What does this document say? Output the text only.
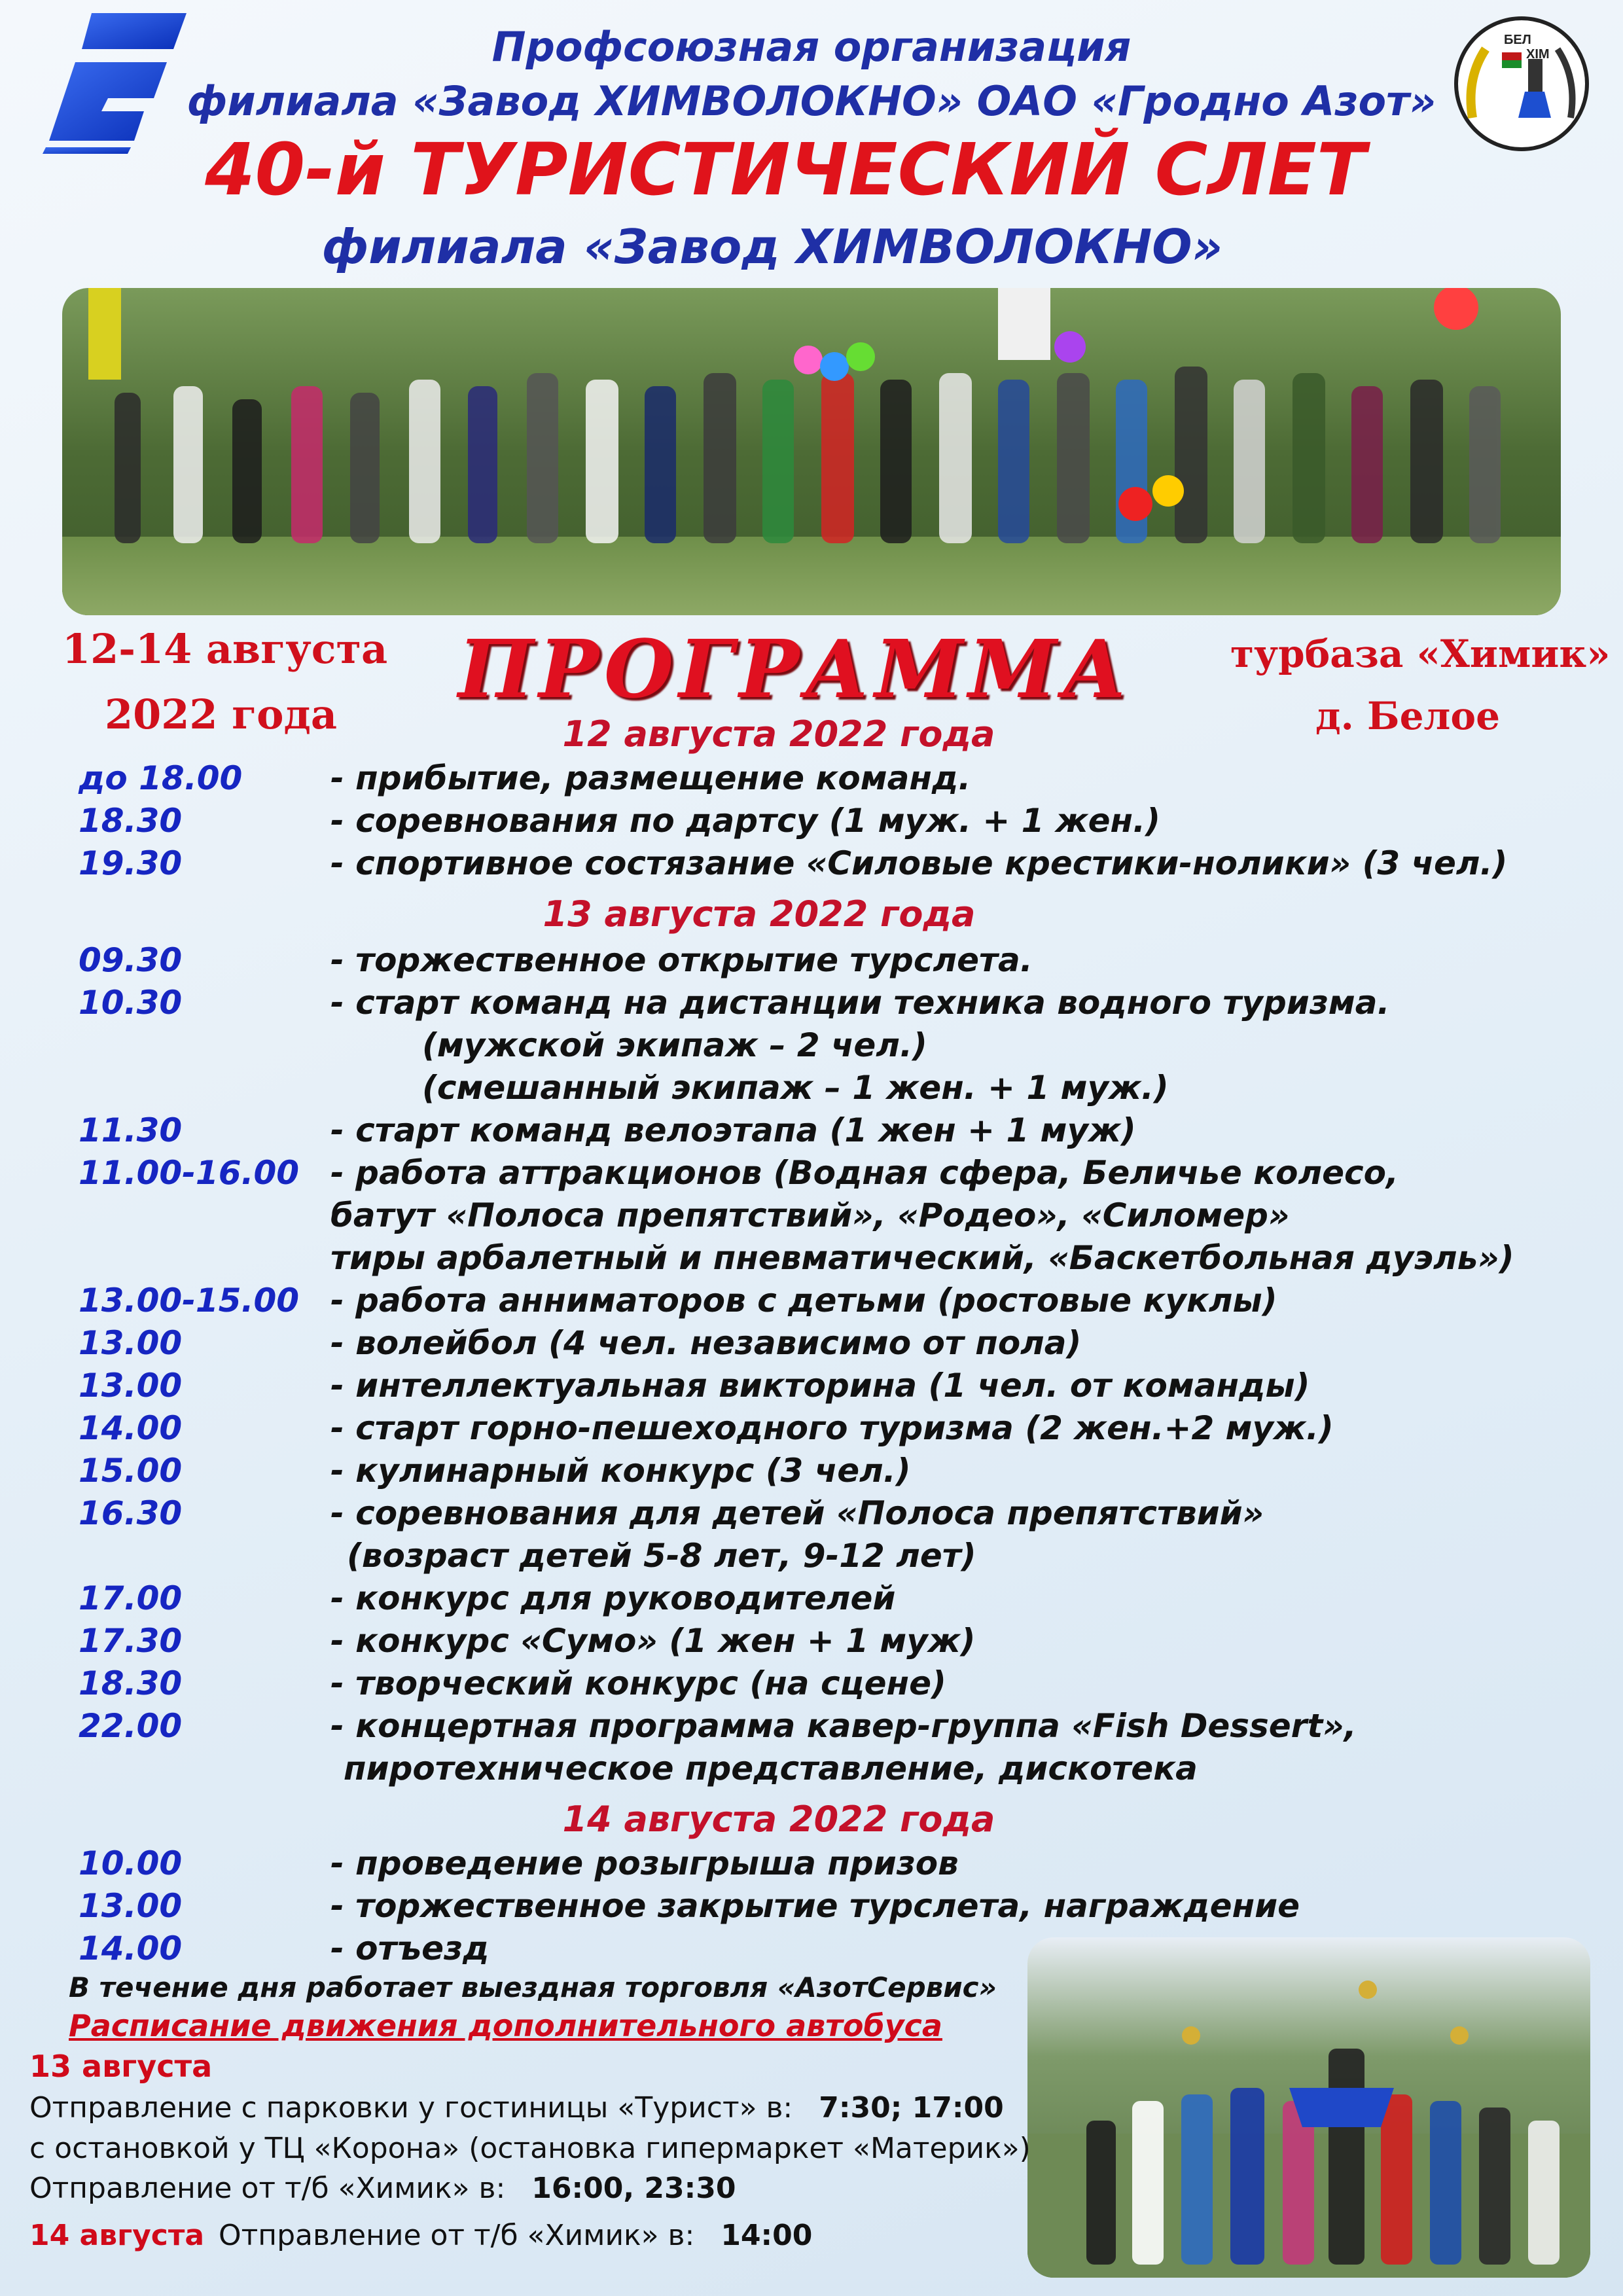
БЕЛ
ХІМ
Профсоюзная организация
филиала «Завод ХИМВОЛОКНО» ОАО «Гродно Азот»
40-й ТУРИСТИЧЕСКИЙ СЛЕТ
филиала «Завод ХИМВОЛОКНО»
12-14 августа
2022 года ПРОГРАММА	турбаза «Химик»
д. Белое
12 августа 2022 года
до 18.00	- прибытие, размещение команд.
18.30	- соревнования по дартсу (1 муж. + 1 жен.)
19.30	- спортивное состязание «Силовые крестики-нолики» (3 чел.)
13 августа 2022 года
09.30	- торжественное открытие турслета.
10.30	- старт команд на дистанции техника водного туризма.
(мужской экипаж – 2 чел.)
(смешанный экипаж – 1 жен. + 1 муж.)
11.30	- старт команд велоэтапа (1 жен + 1 муж)
11.00-16.00 - работа аттракционов (Водная сфера, Беличье колесо,
батут «Полоса препятствий», «Родео», «Силомер»
тиры арбалетный и пневматический, «Баскетбольная дуэль»)
13.00-15.00 - работа анниматоров с детьми (ростовые куклы)
13.00	- волейбол (4 чел. независимо от пола)
13.00	- интеллектуальная викторина (1 чел. от команды)
14.00	- старт горно-пешеходного туризма (2 жен.+2 муж.)
15.00	- кулинарный конкурс (3 чел.)
16.30	- соревнования для детей «Полоса препятствий»
(возраст детей 5-8 лет, 9-12 лет)
17.00	- конкурс для руководителей
17.30	- конкурс «Сумо» (1 жен + 1 муж)
18.30	- творческий конкурс (на сцене)
22.00	- концертная программа кавер-группа «Fish Dessert»,
пиротехническое представление, дискотека
14 августа 2022 года
10.00	- проведение розыгрыша призов
13.00	- торжественное закрытие турслета, награждение
14.00	- отъезд
В течение дня работает выездная торговля «АзотСервис»
Расписание движения дополнительного автобуса
13 августа
Отправление с парковки у гостиницы «Турист» в: 7:30; 17:00
с остановкой у ТЦ «Корона» (остановка гипермаркет «Материк»)
Отправление от т/б «Химик» в: 16:00, 23:30
14 августа Отправление от т/б «Химик» в: 14:00
